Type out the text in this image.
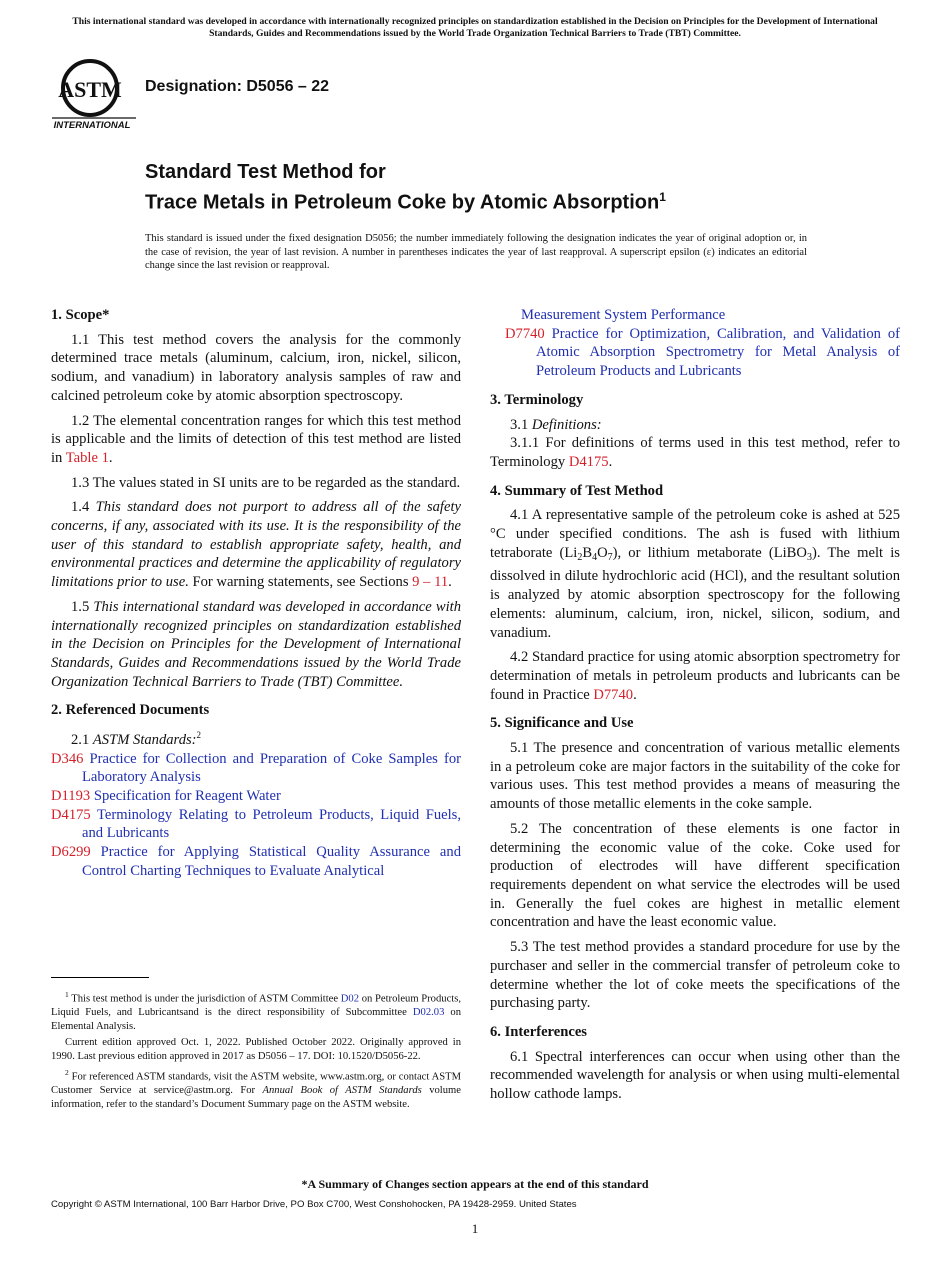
This international standard was developed in accordance with internationally recognized principles on standardization established in the Decision on Principles for the Development of International Standards, Guides and Recommendations issued by the World Trade Organization Technical Barriers to Trade (TBT) Committee.
ASTM
INTERNATIONAL
Designation: D5056 – 22
Standard Test Method for
Trace Metals in Petroleum Coke by Atomic Absorption$^1$
This standard is issued under the fixed designation D5056; the number immediately following the designation indicates the year of original adoption or, in the case of revision, the year of last revision. A number in parentheses indicates the year of last reapproval. A superscript epsilon (ε) indicates an editorial change since the last revision or reapproval.
1. Scope*

1.1 This test method covers the analysis for the commonly determined trace metals (aluminum, calcium, iron, nickel, silicon, sodium, and vanadium) in laboratory analysis samples of raw and calcined petroleum coke by atomic absorption spectroscopy.

1.2 The elemental concentration ranges for which this test method is applicable and the limits of detection of this test method are listed in Table 1.

1.3 The values stated in SI units are to be regarded as the standard.

1.4 This standard does not purport to address all of the safety concerns, if any, associated with its use. It is the responsibility of the user of this standard to establish appropriate safety, health, and environmental practices and determine the applicability of regulatory limitations prior to use. For warning statements, see Sections 9 – 11.

1.5 This international standard was developed in accordance with internationally recognized principles on standardization established in the Decision on Principles for the Development of International Standards, Guides and Recommendations issued by the World Trade Organization Technical Barriers to Trade (TBT) Committee.

2. Referenced Documents

2.1 ASTM Standards:$^2$

D346 Practice for Collection and Preparation of Coke Samples for Laboratory Analysis
D1193 Specification for Reagent Water
D4175 Terminology Relating to Petroleum Products, Liquid Fuels, and Lubricants
D6299 Practice for Applying Statistical Quality Assurance and Control Charting Techniques to Evaluate Analytical
Measurement System Performance
D7740 Practice for Optimization, Calibration, and Validation of Atomic Absorption Spectrometry for Metal Analysis of Petroleum Products and Lubricants
3. Terminology

3.1 Definitions:

3.1.1 For definitions of terms used in this test method, refer to Terminology D4175.

4. Summary of Test Method

4.1 A representative sample of the petroleum coke is ashed at 525 °C under specified conditions. The ash is fused with lithium tetraborate $(Li_2B_4O_7)$, or lithium metaborate (LiBO$_3$). The melt is dissolved in dilute hydrochloric acid (HCl), and the resultant solution is analyzed by atomic absorption spectroscopy for the following elements: aluminum, calcium, iron, nickel, silicon, sodium, and vanadium.

4.2 Standard practice for using atomic absorption spectrometry for determination of metals in petroleum products and lubricants can be found in Practice D7740.

5. Significance and Use

5.1 The presence and concentration of various metallic elements in a petroleum coke are major factors in the suitability of the coke for various uses. This test method provides a means of measuring the amounts of those metallic elements in the coke sample.

5.2 The concentration of these elements is one factor in determining the economic value of the coke. Coke used for production of electrodes will have different specification requirements dependent on what service the electrodes will be used in. Generally the fuel cokes are highest in metallic element concentration and have the least economic value.

5.3 The test method provides a standard procedure for use by the purchaser and seller in the commercial transfer of petroleum coke to determine whether the lot of coke meets the specifications of the purchasing party.

6. Interferences

6.1 Spectral interferences can occur when using other than the recommended wavelength for analysis or when using multi-elemental hollow cathode lamps.

$^1$ This test method is under the jurisdiction of ASTM Committee D02 on Petroleum Products, Liquid Fuels, and Lubricantsand is the direct responsibility of Subcommittee D02.03 on Elemental Analysis.

Current edition approved Oct. 1, 2022. Published October 2022. Originally approved in 1990. Last previous edition approved in 2017 as D5056 – 17. DOI: 10.1520/D5056-22.

$^2$ For referenced ASTM standards, visit the ASTM website, www.astm.org, or contact ASTM Customer Service at service@astm.org. For Annual Book of ASTM Standards volume information, refer to the standard’s Document Summary page on the ASTM website.

*A Summary of Changes section appears at the end of this standard
Copyright © ASTM International, 100 Barr Harbor Drive, PO Box C700, West Conshohocken, PA 19428-2959. United States
1
